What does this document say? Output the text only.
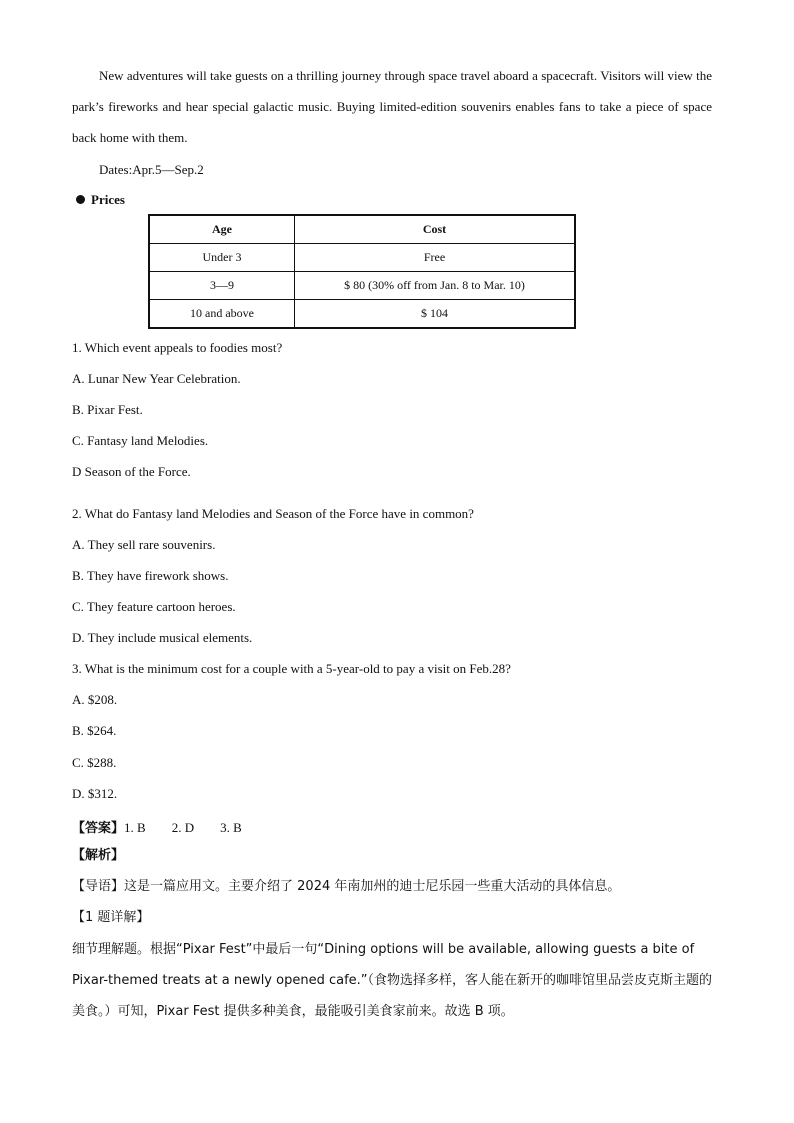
New adventures will take guests on a thrilling journey through space travel aboard a spacecraft. Visitors will view the park’s fireworks and hear special galactic music. Buying limited-edition souvenirs enables fans to take a piece of space back home with them.
Dates:Apr.5—Sep.2
Prices
Age	Cost
Under 3	Free
3—9	$ 80 (30% off from Jan. 8 to Mar. 10)
10 and above	$ 104
1. Which event appeals to foodies most?
A. Lunar New Year Celebration.
B. Pixar Fest.
C. Fantasy land Melodies.
D Season of the Force.
2. What do Fantasy land Melodies and Season of the Force have in common?
A. They sell rare souvenirs.
B. They have firework shows.
C. They feature cartoon heroes.
D. They include musical elements.
3. What is the minimum cost for a couple with a 5-year-old to pay a visit on Feb.28?
A. $208.
B. $264.
C. $288.
D. $312.
【答案】1. B 2. D 3. B
【解析】
【导语】这是一篇应用文。主要介绍了 2024 年南加州的迪士尼乐园一些重大活动的具体信息。
【1 题详解】
细节理解题。根据“Pixar Fest”中最后一句“Dining options will be available, allowing guests a bite of Pixar-themed treats at a newly opened cafe.”（食物选择多样，客人能在新开的咖啡馆里品尝皮克斯主题的美食。）可知，Pixar Fest 提供多种美食，最能吸引美食家前来。故选 B 项。
